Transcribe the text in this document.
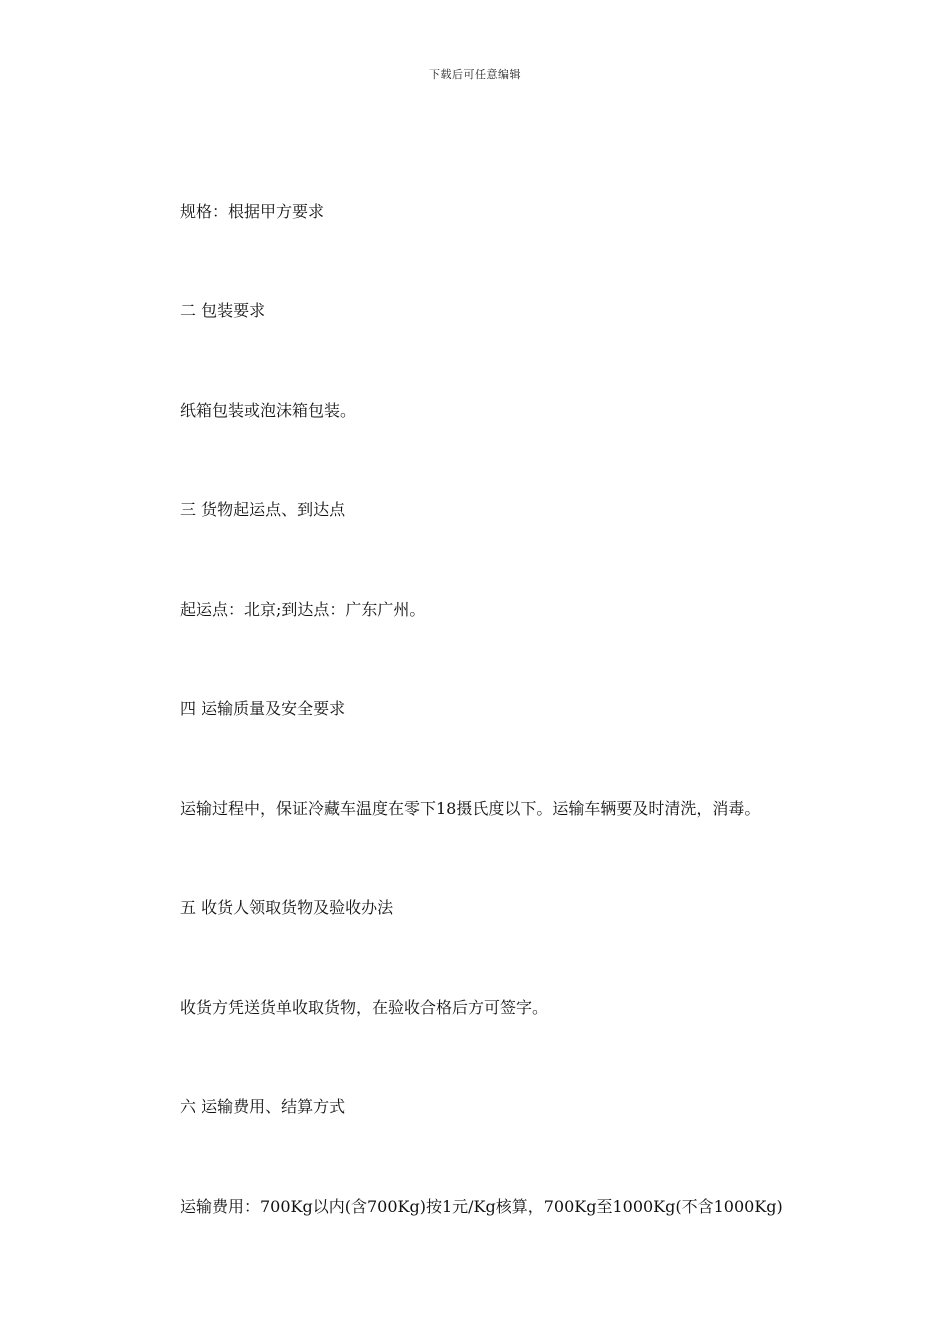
下载后可任意编辑
规格：根据甲方要求
二 包装要求
纸箱包装或泡沫箱包装。
三 货物起运点、到达点
起运点：北京;到达点：广东广州。
四 运输质量及安全要求
运输过程中，保证冷藏车温度在零下18摄氏度以下。运输车辆要及时清洗，消毒。
五 收货人领取货物及验收办法
收货方凭送货单收取货物，在验收合格后方可签字。
六 运输费用、结算方式
运输费用：700Kg以内(含700Kg)按1元/Kg核算，700Kg至1000Kg(不含1000Kg)
